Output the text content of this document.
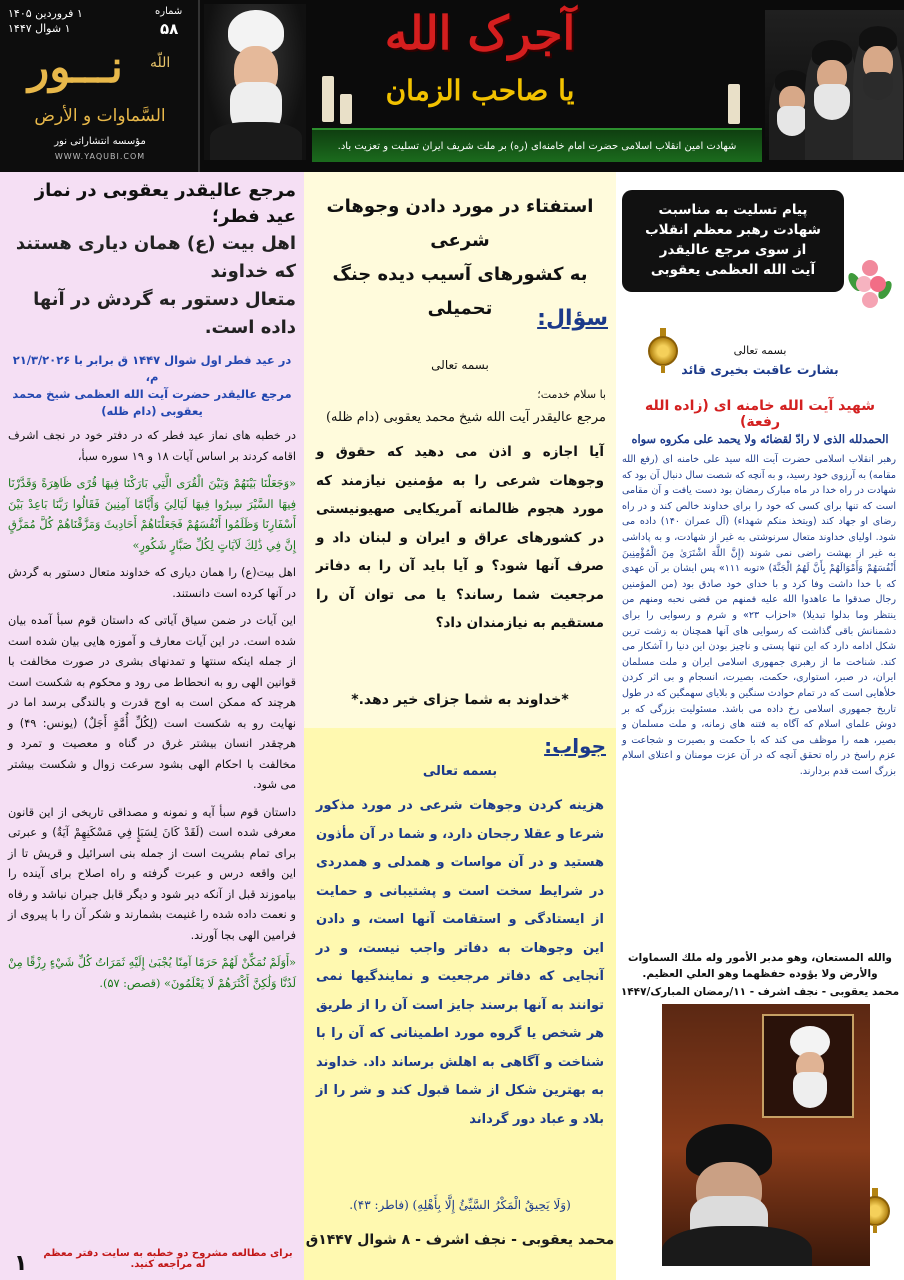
۱ فروردین ۱۴۰۵
۱ شوال ۱۴۴۷
شماره
۵۸
اللّه
نـــور
السَّماوات و الأرض
مؤسسه انتشاراتی نور
WWW.YAQUBI.COM
آجرک الله
یا صاحب الزمان
شهادت امین انقلاب اسلامی حضرت امام خامنه‌ای (ره) بر ملت شریف ایران تسلیت و تعزیت باد.
مرجع عالیقدر یعقوبی در نماز عید فطر؛
اهل بیت (ع) همان دیاری هستند که خداوند
متعال دستور به گردش در آنها داده است.
در عید فطر اول شوال ۱۴۴۷ ق برابر با ۲۱/۳/۲۰۲۶ م،
مرجع عالیقدر حضرت آیت الله العظمی شیخ محمد یعقوبی (دام ظله)

در خطبه های نماز عید فطر که در دفتر خود در نجف اشرف اقامه کردند بر اساس آیات ۱۸ و ۱۹ سوره سبأ،

«وَجَعَلْنَا بَيْنَهُمْ وَبَيْنَ الْقُرَى الَّتِي بَارَكْنَا فِيهَا قُرًى ظَاهِرَةً وَقَدَّرْنَا فِيهَا السَّيْرَ سِيرُوا فِيهَا لَيَالِيَ وَأَيَّامًا آمِنِينَ فَقَالُوا رَبَّنَا بَاعِدْ بَيْنَ أَسْفَارِنَا وَظَلَمُوا أَنْفُسَهُمْ فَجَعَلْنَاهُمْ أَحَادِيثَ وَمَزَّقْنَاهُمْ كُلَّ مُمَزَّقٍ إِنَّ فِي ذَٰلِكَ لَآيَاتٍ لِكُلِّ صَبَّارٍ شَكُورٍ»

اهل بیت(ع) را همان دیاری که خداوند متعال دستور به گردش در آنها کرده است دانستند.

این آیات در ضمن سیاق آیاتی که داستان قوم سبأ آمده بیان شده است. در این آیات معارف و آموزه هایی بیان شده است از جمله اینکه سنتها و تمدنهای بشری در صورت مخالفت با قوانین الهی رو به انحطاط می رود و محکوم به شکست است هرچند که ممکن است به اوج قدرت و بالندگی برسد اما در نهایت رو به شکست است (لِكُلِّ أُمَّةٍ أَجَلٌ) (یونس: ۴۹) و هرچقدر انسان بیشتر غرق در گناه و معصیت و تمرد و مخالفت با احکام الهی بشود سرعت زوال و شکست بیشتر می شود.

داستان قوم سبأ آیه و نمونه و مصداقی تاریخی از این قانون معرفی شده است (لَقَدْ كَانَ لِسَبَإٍ فِي مَسْكَنِهِمْ آيَةٌ) و عبرتی برای تمام بشریت است از جمله بنی اسرائیل و قریش تا از این واقعه درس و عبرت گرفته و راه اصلاح برای آینده را بیاموزند قبل از آنکه دیر شود و دیگر قابل جبران نباشد و رفاه و نعمت داده شده را غنیمت بشمارند و شکر آن را با پیروی از فرامین الهی بجا آورند.

«أَوَلَمْ نُمَكِّنْ لَهُمْ حَرَمًا آمِنًا يُجْبَىٰ إِلَيْهِ ثَمَرَاتُ كُلِّ شَيْءٍ رِزْقًا مِنْ لَدُنَّا وَلَٰكِنَّ أَكْثَرَهُمْ لَا يَعْلَمُونَ» (قصص: ۵۷).

برای مطالعه مشروح دو خطبه به سایت دفتر معظم له مراجعه کنید.
۱
استفتاء در مورد دادن وجوهات شرعی
به کشورهای آسیب دیده جنگ تحمیلی	سؤال:
بسمه تعالی
با سلام خدمت؛
مرجع عالیقدر آیت الله شیخ محمد یعقوبی (دام ظله)
آیا اجازه و اذن می دهید که حقوق و وجوهات شرعی را به مؤمنین نیازمند که مورد هجوم ظالمانه آمریکایی صهیونیستی در کشورهای عراق و ایران و لبنان داد و صرف آنها شود؟ و آیا باید آن را به دفاتر مرجعیت شما رساند؟ یا می توان آن را مستقیم به نیازمندان داد؟
*خداوند به شما جزای خیر دهد.*
جواب:
بسمه تعالی
هزینه کردن وجوهات شرعی در مورد مذکور شرعا و عقلا رجحان دارد، و شما در آن مأذون هستید و در آن مواسات و همدلی و همدردی در شرایط سخت است و پشتیبانی و حمایت از ایستادگی و استقامت آنها است، و دادن این وجوهات به دفاتر واجب نیست، و در آنجایی که دفاتر مرجعیت و نمایندگیها نمی توانند به آنها برسند جایز است آن را از طریق هر شخص یا گروه مورد اطمینانی که آن را با شناخت و آگاهی به اهلش برساند داد. خداوند به بهترین شکل از شما قبول کند و شر را از بلاد و عباد دور گرداند
(وَلَا يَحِيقُ الْمَكْرُ السَّيِّئُ إِلَّا بِأَهْلِهِ) (فاطر: ۴۳).
محمد یعقوبی - نجف اشرف - ۸ شوال ۱۴۴۷ق
پیام تسلیت به مناسبت
شهادت رهبر معظم انقلاب
از سوی مرجع عالیقدر
آیت الله العظمی یعقوبی
بسمه تعالی
بشارت عاقبت بخیری قائد
شهید آیت الله خامنه ای (زاده الله رفعة)
الحمدلله الذی لا رادّ لقضائه ولا یحمد علی مکروه سواه

رهبر انقلاب اسلامی حضرت آیت الله سید علی خامنه ای (رفع الله مقامه) به آرزوی خود رسید، و به آنچه که شصت سال دنبال آن بود که شهادت در راه خدا در ماه مبارک رمضان بود دست یافت و آن مقامی است که تنها برای کسی که خود را برای خداوند خالص کند و در راه رضای او جهاد کند (ويتخذ منكم شهداء) (آل عمران ۱۴۰) داده می شود. اولیای خداوند متعال سرنوشتی به غیر از شهادت، و به پاداشی به غیر از بهشت راضی نمی شوند (إِنَّ اللَّهَ اشْتَرَىٰ مِنَ الْمُؤْمِنِينَ أَنْفُسَهُمْ وَأَمْوَالَهُمْ بِأَنَّ لَهُمُ الْجَنَّةَ) «توبه ۱۱۱» پس ایشان بر آن عهدی که با خدا داشت وفا کرد و با خدای خود صادق بود (من المؤمنين رجال صدقوا ما عاهدوا الله عليه فمنهم من قضى نحبه ومنهم من ينتظر وما بدلوا تبديلا) «احزاب ۲۳» و شرم و رسوایی را برای دشمنانش باقی گذاشت که رسوایی های آنها همچنان به زشت ترین شکل ادامه دارد که این تنها پستی و ناچیز بودن این دنیا را آشکار می کند. شناخت ما از رهبری جمهوری اسلامی ایران و ملت مسلمان ایران، در صبر، استواری، حکمت، بصیرت، انسجام و بی اثر کردن خلأهایی است که در تمام حوادث سنگین و بلایای سهمگین که در طول تاریخ جمهوری اسلامی رخ داده می باشد. مسئولیت بزرگی که بر دوش علمای اسلام که آگاه به فتنه های زمانه، و ملت مسلمان و بصیر، همه را موظف می کند که با حکمت و بصیرت و شجاعت و عزم راسخ در راه تحقق آنچه که در آن عزت مومنان و اعتلای اسلام بزرگ است قدم بردارند.

والله المستعان، وهو مدبر الأمور وله ملك السماوات والأرض ولا يؤوده حفظهما وهو العلي العظيم.
محمد یعقوبی - نجف اشرف - ۱۱/رمضان المبارک/۱۴۴۷
